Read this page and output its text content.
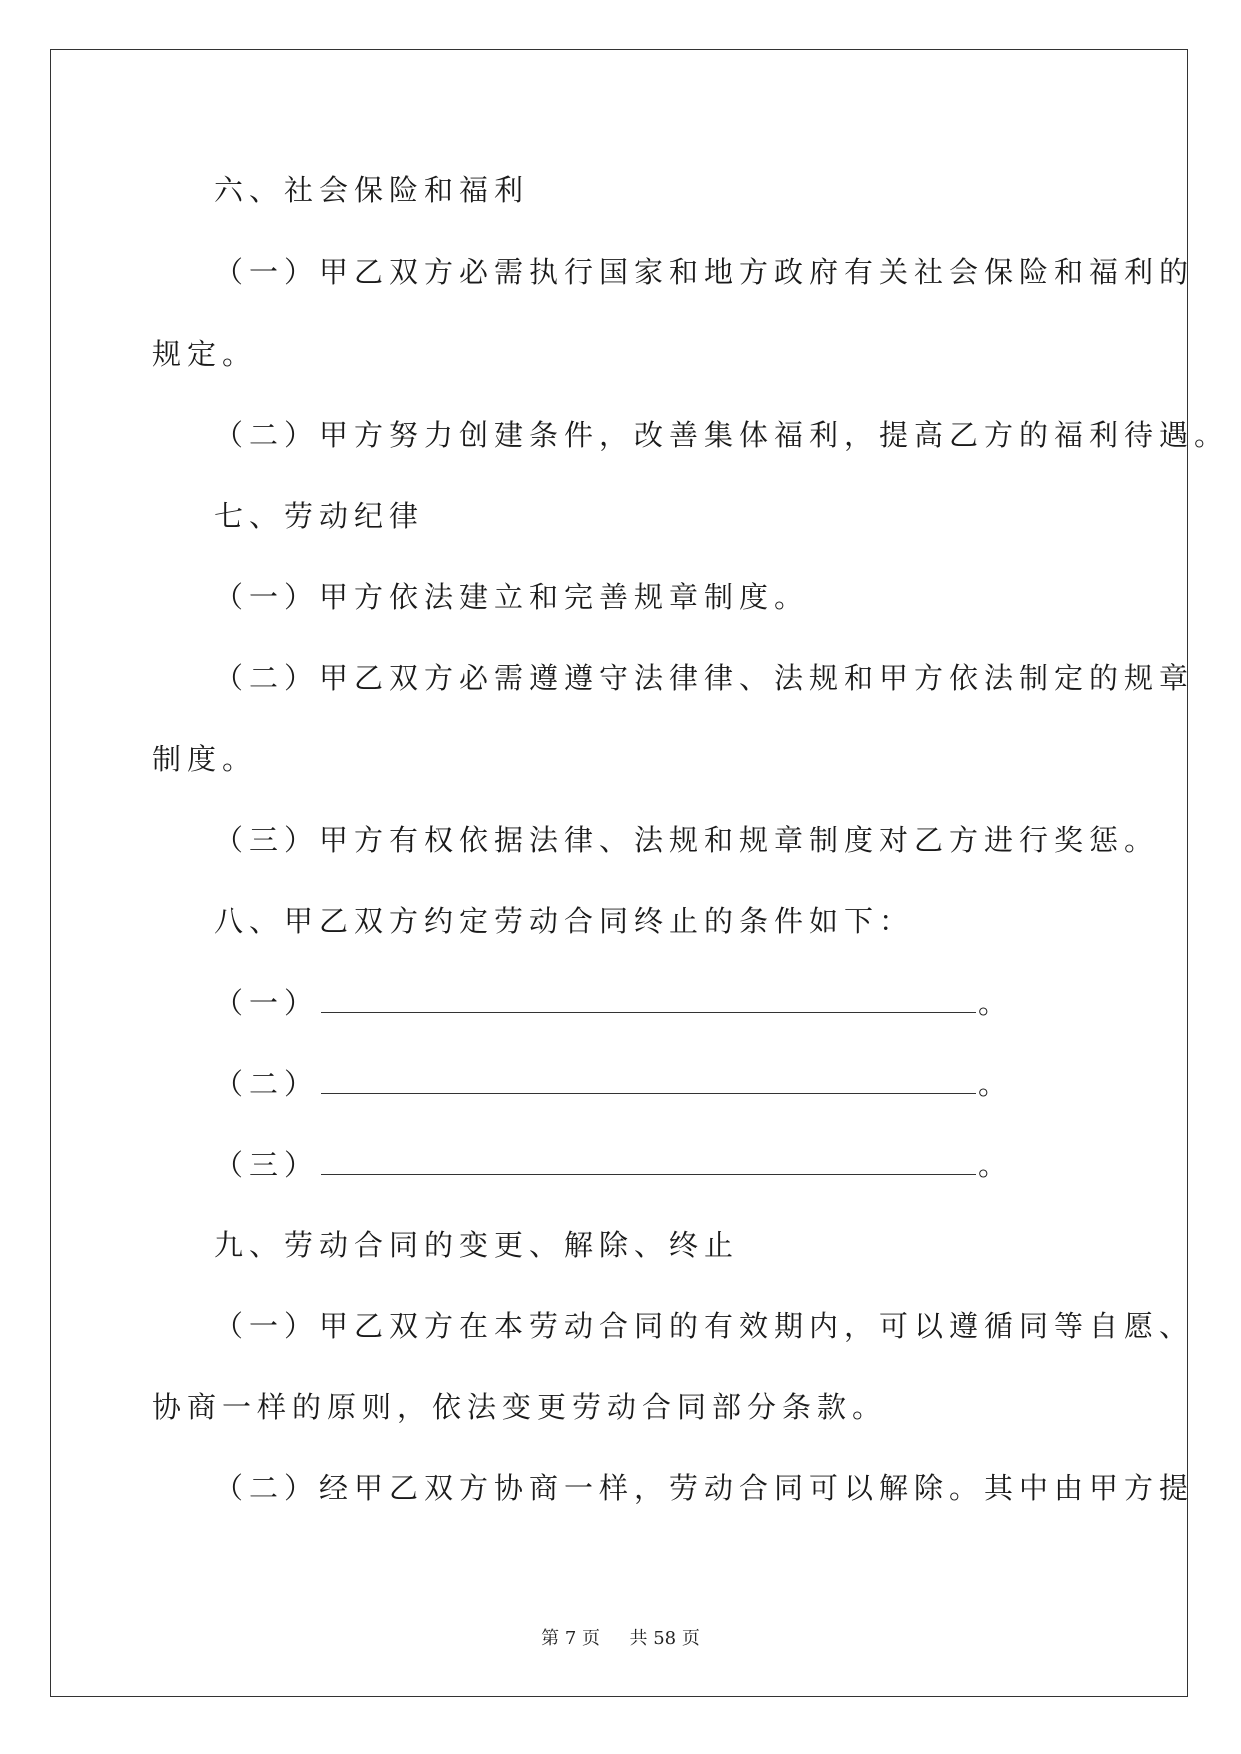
六、社会保险和福利
（一）甲乙双方必需执行国家和地方政府有关社会保险和福利的
规定。
（二）甲方努力创建条件，改善集体福利，提高乙方的福利待遇。
七、劳动纪律
（一）甲方依法建立和完善规章制度。
（二）甲乙双方必需遵遵守法律律、法规和甲方依法制定的规章
制度。
（三）甲方有权依据法律、法规和规章制度对乙方进行奖惩。
八、甲乙双方约定劳动合同终止的条件如下：
（一）	。
（二）	。
（三）	。
九、劳动合同的变更、解除、终止
（一）甲乙双方在本劳动合同的有效期内，可以遵循同等自愿、
协商一样的原则，依法变更劳动合同部分条款。
（二）经甲乙双方协商一样，劳动合同可以解除。其中由甲方提
第 7 页 共 58 页
